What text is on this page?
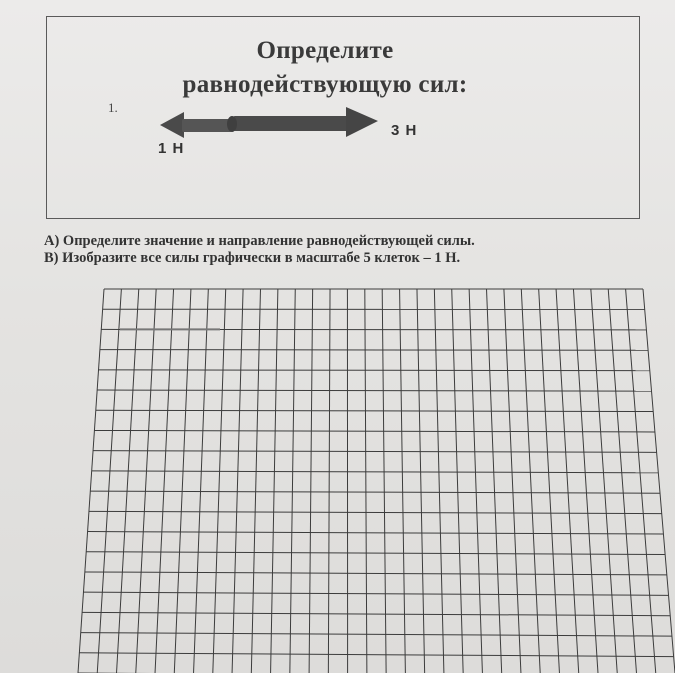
Определите
равнодействующую сил:
1.
1 Н
3 Н
А) Определите значение и направление равнодействующей силы.
В) Изобразите все силы графически в масштабе 5 клеток – 1 Н.
